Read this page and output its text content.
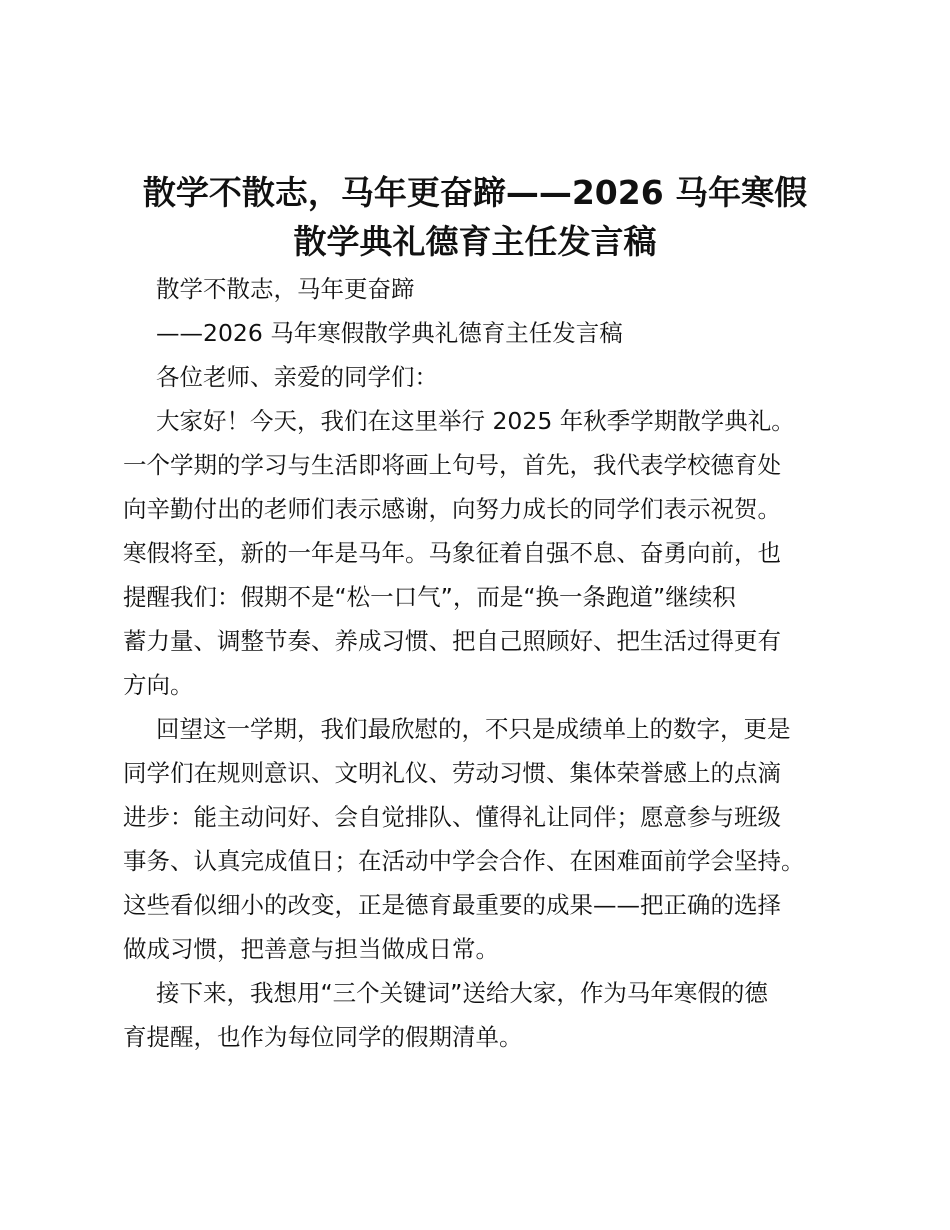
散学不散志，马年更奋蹄——2026 马年寒假
散学典礼德育主任发言稿
散学不散志，马年更奋蹄
——2026 马年寒假散学典礼德育主任发言稿
各位老师、亲爱的同学们：
大家好！今天，我们在这里举行 2025 年秋季学期散学典礼。
一个学期的学习与生活即将画上句号，首先，我代表学校德育处
向辛勤付出的老师们表示感谢，向努力成长的同学们表示祝贺。
寒假将至，新的一年是马年。马象征着自强不息、奋勇向前，也
提醒我们：假期不是“松一口气”，而是“换一条跑道”继续积
蓄力量、调整节奏、养成习惯、把自己照顾好、把生活过得更有
方向。
回望这一学期，我们最欣慰的，不只是成绩单上的数字，更是
同学们在规则意识、文明礼仪、劳动习惯、集体荣誉感上的点滴
进步：能主动问好、会自觉排队、懂得礼让同伴；愿意参与班级
事务、认真完成值日；在活动中学会合作、在困难面前学会坚持。
这些看似细小的改变，正是德育最重要的成果——把正确的选择
做成习惯，把善意与担当做成日常。
接下来，我想用“三个关键词”送给大家，作为马年寒假的德
育提醒，也作为每位同学的假期清单。
